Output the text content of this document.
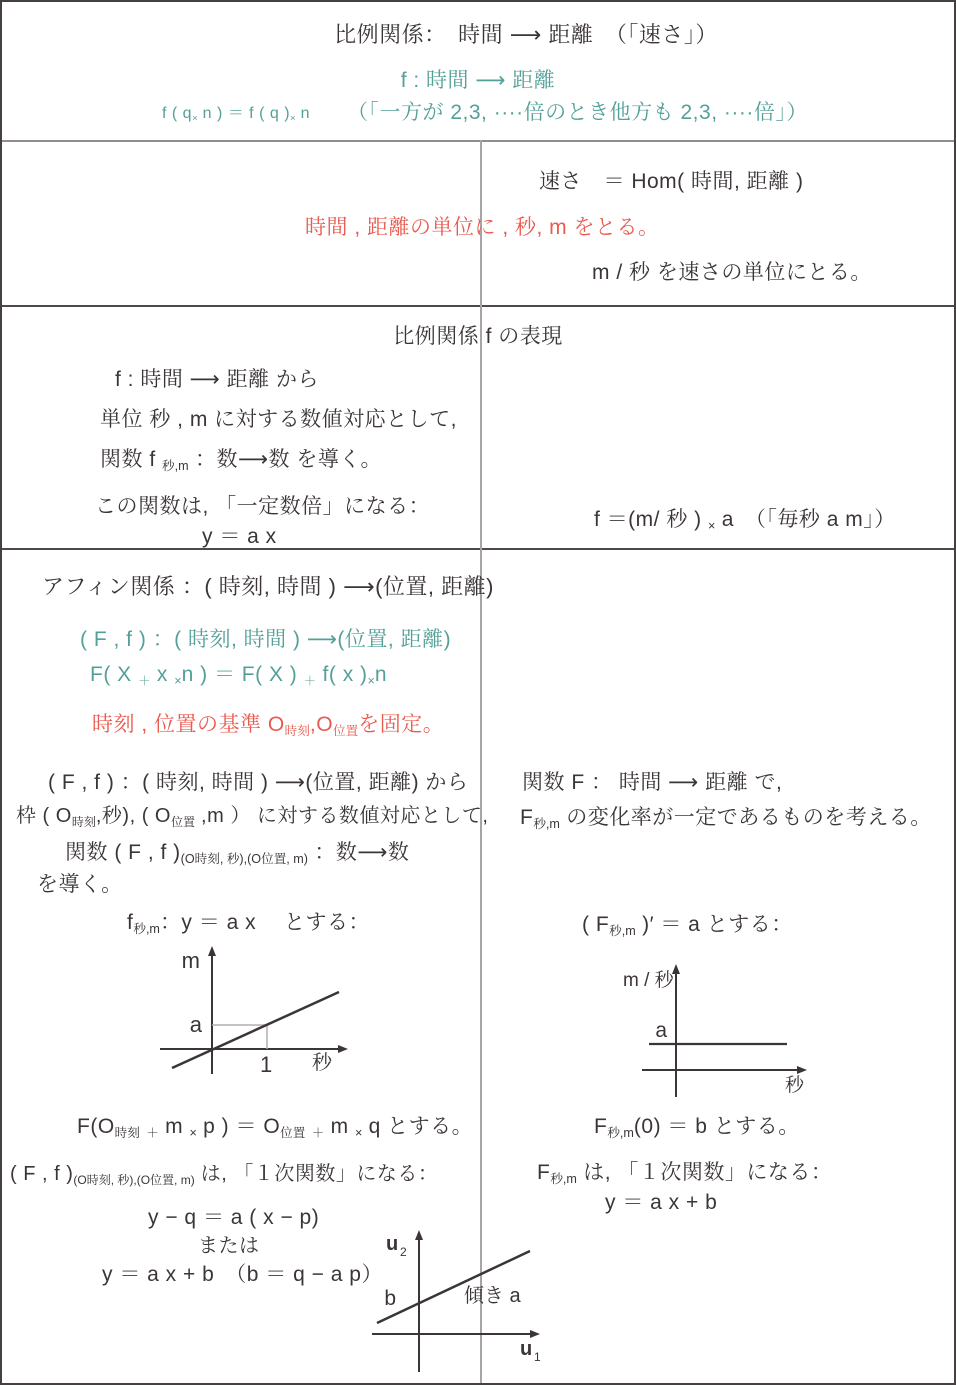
比例関係：　時間 ⟶ 距離　（「速さ」）
f : 時間 ⟶ 距離
f ( $q_\times$ n ) ＝ f ( q )$_\times$ n （「一方が 2,3, ····倍のとき他方も 2,3, ····倍」）
速さ　＝ Hom( 時間, 距離 )
時間 , 距離の単位に , 秒, m をとる。
m / 秒 を速さの単位にとる。
比例関係 f の表現
f : 時間 ⟶ 距離 から
単位 秒 , m に対する数値対応として,
関数 f $_{秒,m}$ ：数⟶数 を導く。
この関数は, 「一定数倍」になる：
y ＝ a x
f ＝(m/ 秒 ) $_\times$ a　（「毎秒 a m」）
アフィン関係 ：( 時刻, 時間 ) ⟶(位置, 距離)
( F , f ) ：( 時刻, 時間 ) ⟶(位置, 距離)
F( X $_+$ x $_\times$n ) ＝ F( X ) $_+$ f( x )$_\times n$
時刻 , 位置の基準 $O_{時刻},O_{位置}$を固定。
( F , f ) ：( 時刻, 時間 ) ⟶(位置, 距離) から
枠 ( $O_{時刻}$,秒), ( $O_{位置}$ ,m ） に対する数値対応として,
関数 ( F , f )$_{(O時刻, 秒),(O位置, m)}$ ：数⟶数
を導く。
$f_{秒,m}$：y ＝ a x　 とする：
m
a
1 秒
$F(O_{時刻}$ $_+$ m $_\times$ p ) ＝ $O_{位置}$ $_+$ m $_\times$ q とする。
( F , f )$_{(O時刻, 秒),(O位置, m)}$ は, 「１次関数」になる：
y − q ＝ a ( x − p)
または
y ＝ a x + b　（b ＝ q − a p）
u 2
u 1
b	傾き a
関数 F ： 時間 ⟶ 距離 で,
$F_{秒,m}$ の変化率が一定であるものを考える。
( $F_{秒,m}$ )′ ＝ a とする：
m / 秒
a
秒
$F_{秒,m}(0) = b$ とする。
$F_{秒,m}$ は, 「１次関数」になる：
y ＝ a x + b
